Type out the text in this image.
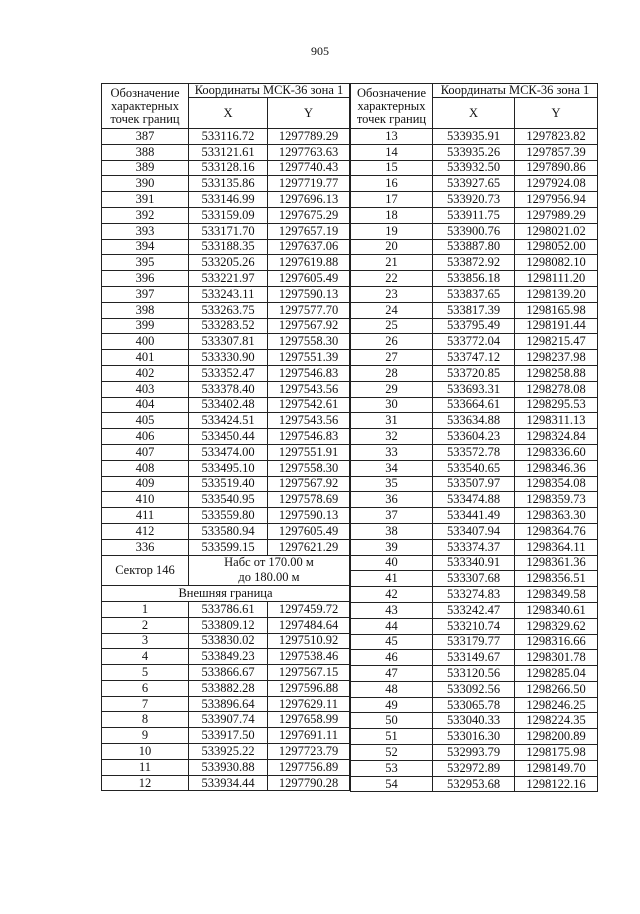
905
Обозначение характерных точек границ	Координаты МСК-36 зона 1	
	X	Y
387	533116.72	1297789.29
388	533121.61	1297763.63
389	533128.16	1297740.43
390	533135.86	1297719.77
391	533146.99	1297696.13
392	533159.09	1297675.29
393	533171.70	1297657.19
394	533188.35	1297637.06
395	533205.26	1297619.88
396	533221.97	1297605.49
397	533243.11	1297590.13
398	533263.75	1297577.70
399	533283.52	1297567.92
400	533307.81	1297558.30
401	533330.90	1297551.39
402	533352.47	1297546.83
403	533378.40	1297543.56
404	533402.48	1297542.61
405	533424.51	1297543.56
406	533450.44	1297546.83
407	533474.00	1297551.91
408	533495.10	1297558.30
409	533519.40	1297567.92
410	533540.95	1297578.69
411	533559.80	1297590.13
412	533580.94	1297605.49
336	533599.15	1297621.29
Сектор 146	Набс от 170.00 м	
	до 180.00 м	
Внешняя граница		
1	533786.61	1297459.72
2	533809.12	1297484.64
3	533830.02	1297510.92
4	533849.23	1297538.46
5	533866.67	1297567.15
6	533882.28	1297596.88
7	533896.64	1297629.11
8	533907.74	1297658.99
9	533917.50	1297691.11
10	533925.22	1297723.79
11	533930.88	1297756.89
12	533934.44	1297790.28
Обозначение характерных точек границ	Координаты МСК-36 зона 1	
	X	Y
13	533935.91	1297823.82
14	533935.26	1297857.39
15	533932.50	1297890.86
16	533927.65	1297924.08
17	533920.73	1297956.94
18	533911.75	1297989.29
19	533900.76	1298021.02
20	533887.80	1298052.00
21	533872.92	1298082.10
22	533856.18	1298111.20
23	533837.65	1298139.20
24	533817.39	1298165.98
25	533795.49	1298191.44
26	533772.04	1298215.47
27	533747.12	1298237.98
28	533720.85	1298258.88
29	533693.31	1298278.08
30	533664.61	1298295.53
31	533634.88	1298311.13
32	533604.23	1298324.84
33	533572.78	1298336.60
34	533540.65	1298346.36
35	533507.97	1298354.08
36	533474.88	1298359.73
37	533441.49	1298363.30
38	533407.94	1298364.76
39	533374.37	1298364.11
40	533340.91	1298361.36
41	533307.68	1298356.51
42	533274.83	1298349.58
43	533242.47	1298340.61
44	533210.74	1298329.62
45	533179.77	1298316.66
46	533149.67	1298301.78
47	533120.56	1298285.04
48	533092.56	1298266.50
49	533065.78	1298246.25
50	533040.33	1298224.35
51	533016.30	1298200.89
52	532993.79	1298175.98
53	532972.89	1298149.70
54	532953.68	1298122.16
